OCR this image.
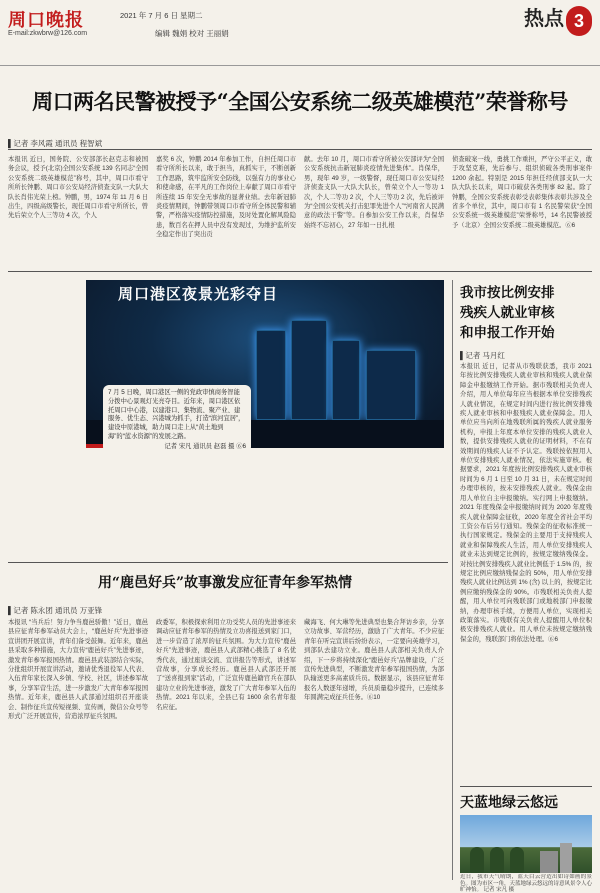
周口晚报
E-mail:zkwbrw@126.com
2021 年 7 月 6 日 星期二
编辑 魏娟 校对 王丽娟
热点 3
周口两名民警被授予“全国公安系统二级英雄模范”荣誉称号
▌记者 李风霞 通讯员 程智斌
本报讯 近日，国务院、公安部部长赵克志和被国务会议，授予(北京)全国公安系统 139 名同志“全国公安系统二级英雄模范”称号，其中，周口市看守所所长钟鹏、周口市公安局经济侦查支队一大队大队长肖伟光荣上榜。钟鹏，男，1974 年 11 月 6 日出生，四级高级警长，现任周口市看守所所长，曾先后荣立个人三等功 4 次，个人
嘉奖 6 次，钟鹏 2014 年参加工作，自担任周口市看守所所长以来，敢于担当，真抓实干，不断创新工作思路，筑牢监所安全防线，以强有力的事业心和使命感，在平凡的工作岗位上奉献了周口市看守所连续 15 年安全无事故的显著业绩。去年新冠肺炎疫情期间，钟鹏带领周口市看守所全体民警和辅警，严格落实疫情防控措施，及时处置化解风险隐患，数百名在押人员中没有发现过，为维护监所安全稳定作出了突出贡
献。去年 10 月，周口市看守所被公安部评为“全国公安系统抗击新冠肺炎疫情先进集体”。肖保华，男，现年 49 岁，一级警督，现任周口市公安局经济侦查支队一大队大队长，曾荣立个人一等功 1 次，个人二等功 2 次，个人三等功 2 次，先后被评为“全国公安机关打击犯罪先进个人”“河南省人民满意的政法干警”等。自参加公安工作以来，肖保华始终不忘初心，27 年如一日扎根
侦查破案一线，勇挑工作重担，严守公平正义，敢于攻坚克难，先后参与、组织侦破各类刑事案件 1200 余起。特别是 2015 年担任经侦部支队一大队大队长以来，周口市破获各类刑事 82 起。除了钟鹏，全国公安系统表彰受表彰集体表彰共涉及全省多个单位，其中，周口市有 1 名民警荣获“全国公安系统一级英雄模范”荣誉称号，14 名民警被授予（北京）全国公安系统二级英雄模范。⑥6
周口港区夜景光彩夺目
7 月 5 日晚，周口港区一侧的党政审慎商务智能分拨中心景观灯光亮夺目。近年来，周口港区依托周口中心港，以建港口、集物流、聚产业、建服务、优生态、兴港城为抓手，打造“滨河宜居”，建设中原港城，助力周口走上从“黄土地到海”的“蓝水资源”的发展之路。
记者 宋凡 通讯员 赵磊 摄 ⑥6
我市按比例安排
残疾人就业审核
和申报工作开始
▌记者 马月红
本报讯 近日，记者从市残联获悉，我市 2021 年按比例安排残疾人就业审核和残疾人就业保障金申报缴纳工作开始。据市残联相关负责人介绍，用人单位每年应当根据本单位安排残疾人就业情况，在规定时间内进行按比例安排残疾人就业审核和申报残疾人就业保障金。用人单位应当向所在地残联所属的残疾人就业服务机构，申报上年度本单位安排的残疾人就业人数，提供安排残疾人就业的证明材料，不在有效期间的残疾人证不予认定。残联按依照用人单位安排残疾人就业情况，依法实施审核。根据要求，2021 年度按比例安排残疾人就业审核时间为 6 月 1 日至 10 月 31 日，未在规定时间办理审核的，按未安排残疾人就业。残保金由用人单位自主申报缴纳。实行网上申报缴纳。2021 年度残保金申报缴纳时间为 2020 年度残疾人就业保障金征收，2020 年度全省社会平均工资公布后另行通知。残保金的征收标准统一执行国家规定。残保金的主要用于支持残疾人就业和保障残疾人生活，用人单位安排残疾人就业未达到规定比例的，按规定缴纳残保金。对按比例安排残疾人就业比例低于 1.5% 的，按规定比例应缴纳残保金的 50%，用人单位安排残疾人就业比例达到 1% (含) 以上的，按规定比例应缴纳残保金的 90%。市残联相关负责人提醒，用人单位可向残联部门或地税部门申报缴纳，办理审核手续，方便用人单位，实现相关政策落实。市残联有关负责人提醒用人单位积极安排残疾人就业。用人单位未按规定缴纳残保金的，残联部门将依法处理。⑥6
用“鹿邑好兵”故事激发应征青年参军热情
▌记者 陈永团 通讯员 万亚锋
本报讯 “当兵后！努力争当鹿邑骄傲！”近日，鹿邑县应征青年参军动员大会上，“鹿邑好兵”先进事迹宣讲团开展宣讲，青年们备受鼓舞。近年来，鹿邑县采取多种措施，大力宣传“鹿邑好兵”先进事迹，激发青年参军报国热情。鹿邑县武装部结合实际，分批组织开展宣讲活动，邀请优秀退役军人代表、入伍青年家长深入乡镇、学校、社区，讲述参军故事，分享军营生活，进一步激发广大青年参军报国热情。近年来，鹿邑县人武部通过组织召开座谈会、制作征兵宣传短视频、宣传画，微信公众号等形式广泛开展宣传，营造浓厚征兵氛围。
政委军，积极探索利用立功受奖人员的先进事迹来调动应征青年参军的热情及立功喜报送到家门口，进一步营造了浓厚的征兵氛围。为大力宣传“鹿邑好兵”先进事迹，鹿邑县人武部精心挑选了 8 名优秀代表，通过座谈交流、宣讲报告等形式，讲述军营故事，分享成长经历。鹿邑县人武部还开展了“送喜报到家”活动，广泛宣传鹿邑籍官兵在部队建功立业的先进事迹，激发了广大青年参军入伍的热情。2021 年以来，全县已有 1600 余名青年报名应征。
藏海飞、何大琳等先进典型也集合拜访乡亲，分享立功故事、军营经历，激励了广大青年。不少应征青年在听完宣讲后纷纷表示，一定要向英雄学习，到部队去建功立业。鹿邑县人武部相关负责人介绍，下一步将持续深化“鹿邑好兵”品牌建设，广泛宣传先进典型，不断激发青年参军报国热情，为部队输送更多高素质兵员。数据显示，该县应征青年报名人数逐年递增，兵员质量稳步提升，已连续多年圆满完成征兵任务。⑥10
天蓝地绿云悠远
近日，我市天气晴朗，蓝天白云营造出如诗如画的景色。图为市区一角，天蓝地绿云悠远的诗意风景令人心旷神怡。 记者 宋凡 摄
